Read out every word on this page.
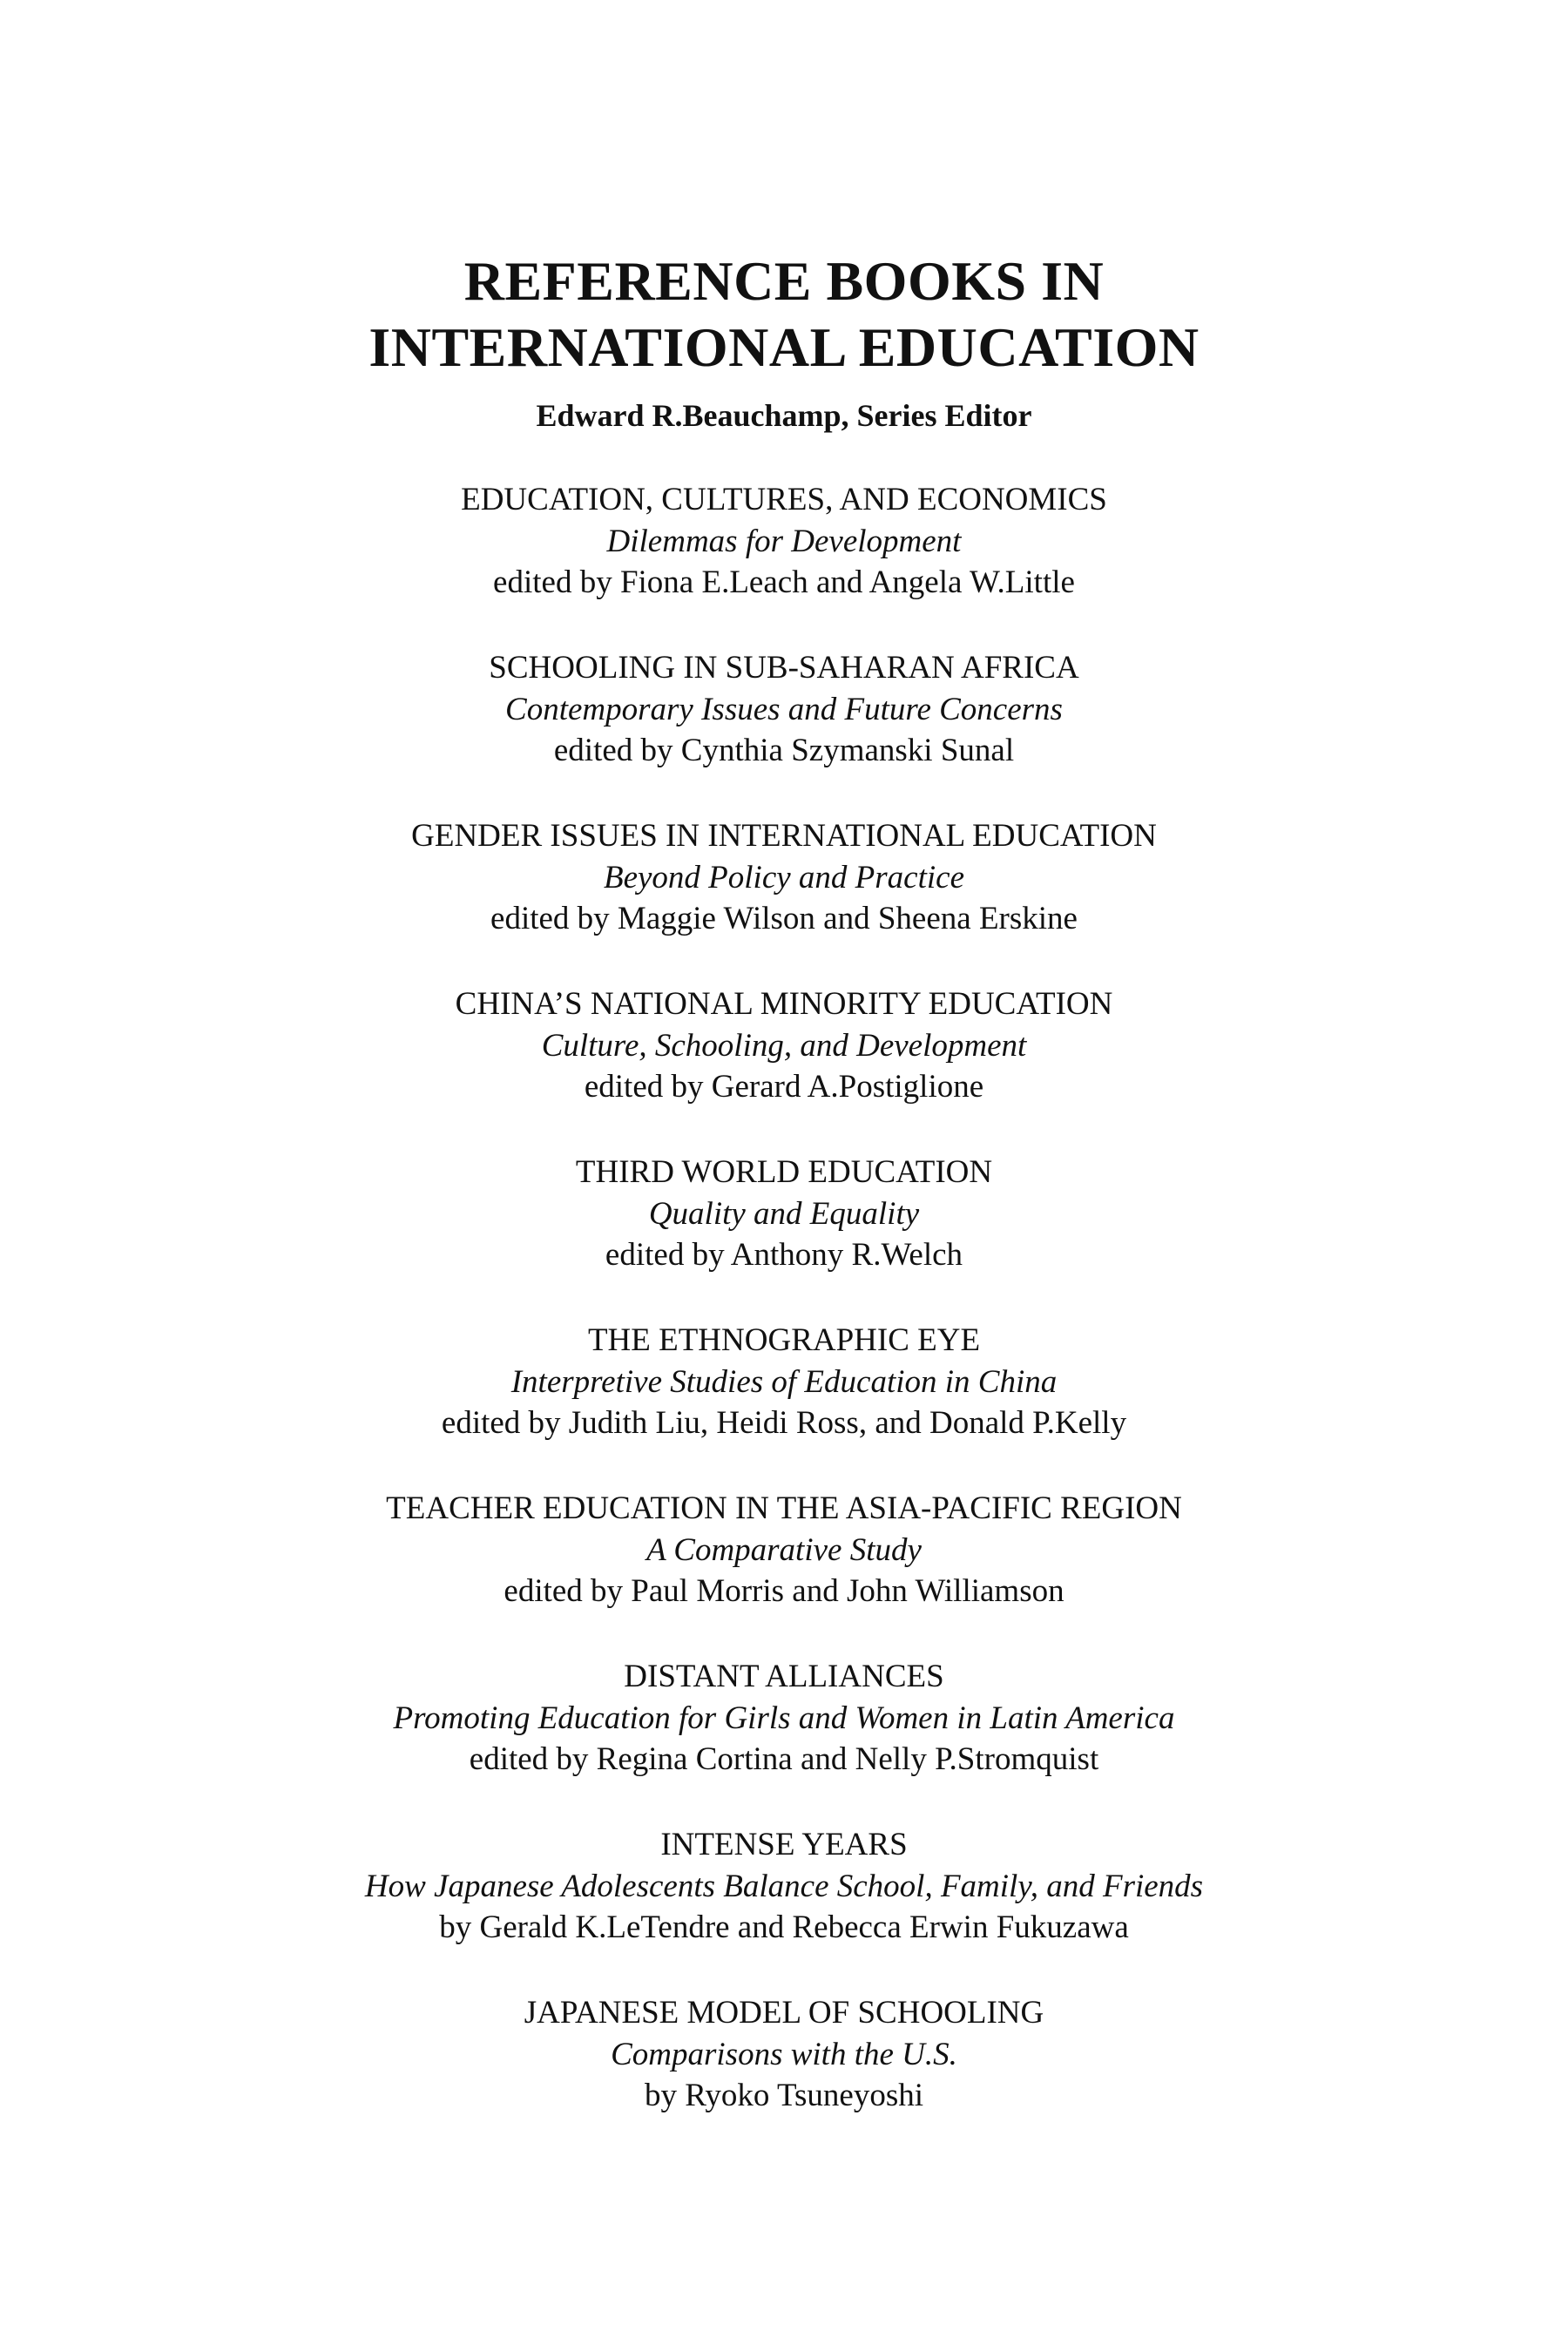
REFERENCE BOOKS IN
INTERNATIONAL EDUCATION
Edward R.Beauchamp, Series Editor
EDUCATION, CULTURES, AND ECONOMICS
Dilemmas for Development
edited by Fiona E.Leach and Angela W.Little
SCHOOLING IN SUB-SAHARAN AFRICA
Contemporary Issues and Future Concerns
edited by Cynthia Szymanski Sunal
GENDER ISSUES IN INTERNATIONAL EDUCATION
Beyond Policy and Practice
edited by Maggie Wilson and Sheena Erskine
CHINA’S NATIONAL MINORITY EDUCATION
Culture, Schooling, and Development
edited by Gerard A.Postiglione
THIRD WORLD EDUCATION
Quality and Equality
edited by Anthony R.Welch
THE ETHNOGRAPHIC EYE
Interpretive Studies of Education in China
edited by Judith Liu, Heidi Ross, and Donald P.Kelly
TEACHER EDUCATION IN THE ASIA-PACIFIC REGION
A Comparative Study
edited by Paul Morris and John Williamson
DISTANT ALLIANCES
Promoting Education for Girls and Women in Latin America
edited by Regina Cortina and Nelly P.Stromquist
INTENSE YEARS
How Japanese Adolescents Balance School, Family, and Friends
by Gerald K.LeTendre and Rebecca Erwin Fukuzawa
JAPANESE MODEL OF SCHOOLING
Comparisons with the U.S.
by Ryoko Tsuneyoshi
